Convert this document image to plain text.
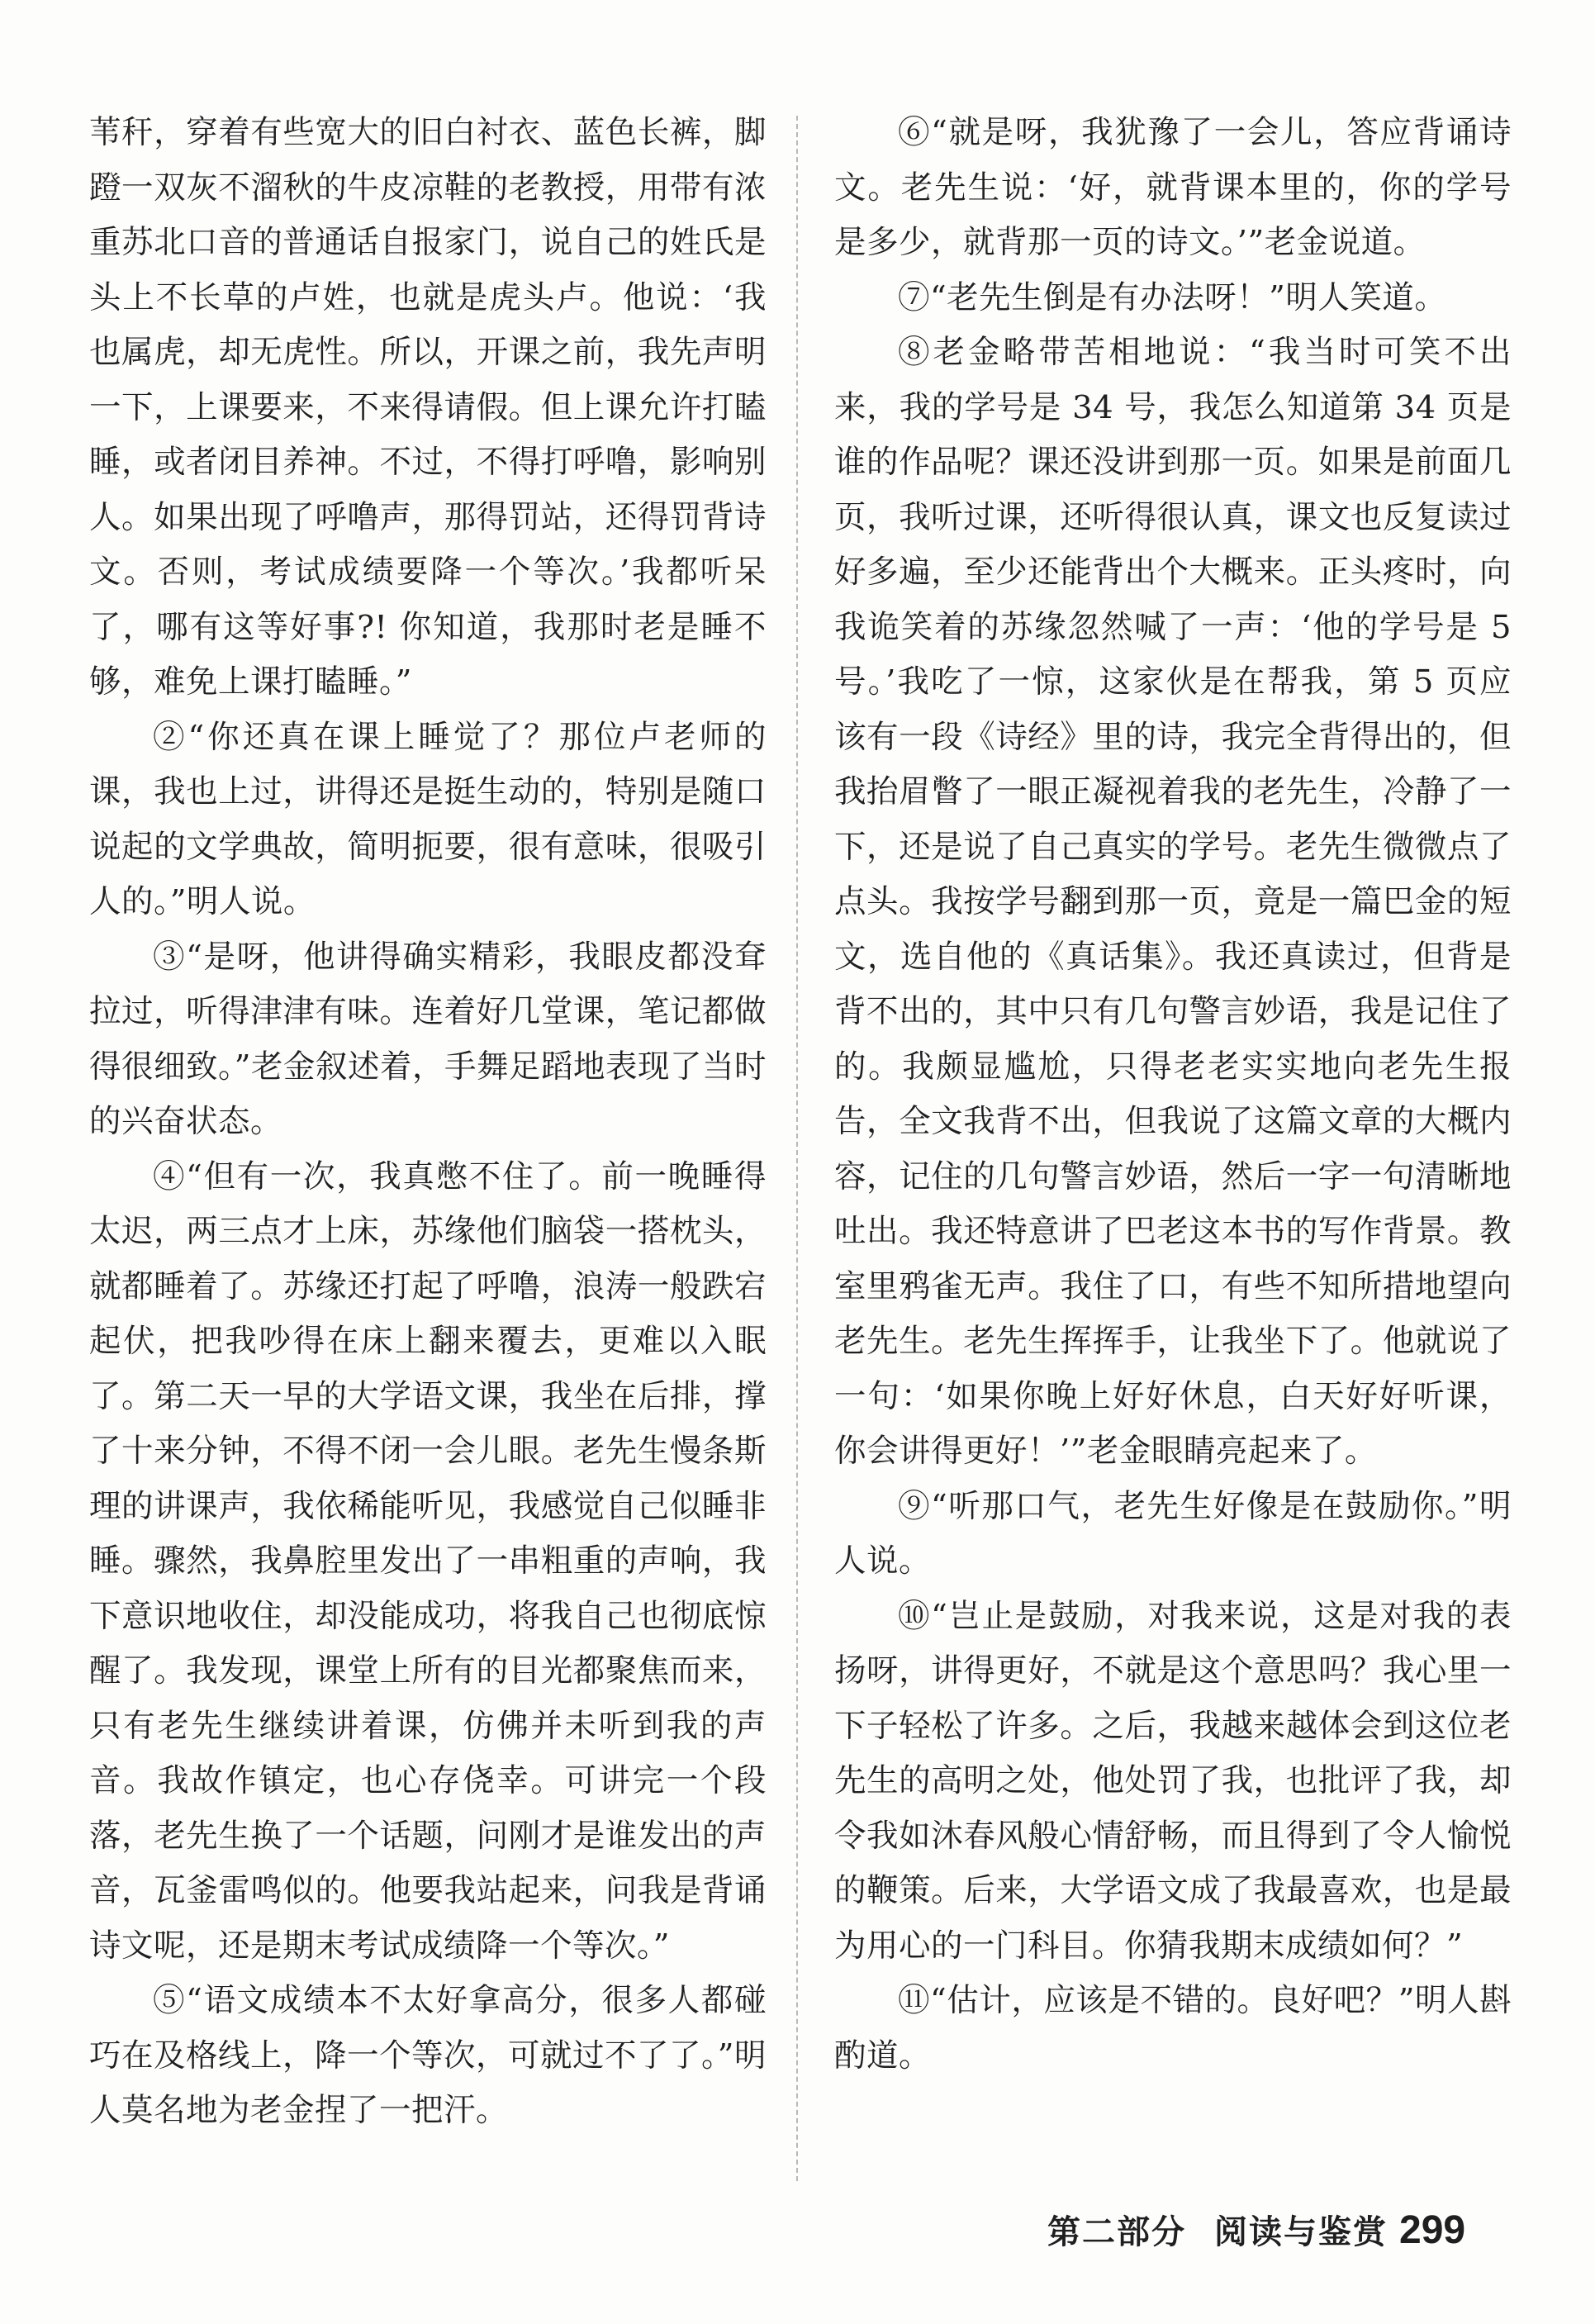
苇秆，穿着有些宽大的旧白衬衣、蓝色长裤，脚蹬一双灰不溜秋的牛皮凉鞋的老教授，用带有浓重苏北口音的普通话自报家门，说自己的姓氏是头上不长草的卢姓，也就是虎头卢。他说：‘我也属虎，却无虎性。所以，开课之前，我先声明一下，上课要来，不来得请假。但上课允许打瞌睡，或者闭目养神。不过，不得打呼噜，影响别人。如果出现了呼噜声，那得罚站，还得罚背诗文。否则，考试成绩要降一个等次。’我都听呆了，哪有这等好事?! 你知道，我那时老是睡不够，难免上课打瞌睡。”

②“你还真在课上睡觉了？那位卢老师的课，我也上过，讲得还是挺生动的，特别是随口说起的文学典故，简明扼要，很有意味，很吸引人的。”明人说。

③“是呀，他讲得确实精彩，我眼皮都没耷拉过，听得津津有味。连着好几堂课，笔记都做得很细致。”老金叙述着，手舞足蹈地表现了当时的兴奋状态。

④“但有一次，我真憋不住了。前一晚睡得太迟，两三点才上床，苏缘他们脑袋一搭枕头，就都睡着了。苏缘还打起了呼噜，浪涛一般跌宕起伏，把我吵得在床上翻来覆去，更难以入眠了。第二天一早的大学语文课，我坐在后排，撑了十来分钟，不得不闭一会儿眼。老先生慢条斯理的讲课声，我依稀能听见，我感觉自己似睡非睡。骤然，我鼻腔里发出了一串粗重的声响，我下意识地收住，却没能成功，将我自己也彻底惊醒了。我发现，课堂上所有的目光都聚焦而来，只有老先生继续讲着课，仿佛并未听到我的声音。我故作镇定，也心存侥幸。可讲完一个段落，老先生换了一个话题，问刚才是谁发出的声音，瓦釜雷鸣似的。他要我站起来，问我是背诵诗文呢，还是期末考试成绩降一个等次。”

⑤“语文成绩本不太好拿高分，很多人都碰巧在及格线上，降一个等次，可就过不了了。”明人莫名地为老金捏了一把汗。

⑥“就是呀，我犹豫了一会儿，答应背诵诗文。老先生说：‘好，就背课本里的，你的学号是多少，就背那一页的诗文。’”老金说道。

⑦“老先生倒是有办法呀！”明人笑道。

⑧老金略带苦相地说：“我当时可笑不出来，我的学号是 34 号，我怎么知道第 34 页是谁的作品呢？课还没讲到那一页。如果是前面几页，我听过课，还听得很认真，课文也反复读过好多遍，至少还能背出个大概来。正头疼时，向我诡笑着的苏缘忽然喊了一声：‘他的学号是 5 号。’我吃了一惊，这家伙是在帮我，第 5 页应该有一段《诗经》里的诗，我完全背得出的，但我抬眉瞥了一眼正凝视着我的老先生，冷静了一下，还是说了自己真实的学号。老先生微微点了点头。我按学号翻到那一页，竟是一篇巴金的短文，选自他的《真话集》。我还真读过，但背是背不出的，其中只有几句警言妙语，我是记住了的。我颇显尴尬，只得老老实实地向老先生报告，全文我背不出，但我说了这篇文章的大概内容，记住的几句警言妙语，然后一字一句清晰地吐出。我还特意讲了巴老这本书的写作背景。教室里鸦雀无声。我住了口，有些不知所措地望向老先生。老先生挥挥手，让我坐下了。他就说了一句：‘如果你晚上好好休息，白天好好听课，你会讲得更好！’”老金眼睛亮起来了。

⑨“听那口气，老先生好像是在鼓励你。”明人说。

⑩“岂止是鼓励，对我来说，这是对我的表扬呀，讲得更好，不就是这个意思吗？我心里一下子轻松了许多。之后，我越来越体会到这位老先生的高明之处，他处罚了我，也批评了我，却令我如沐春风般心情舒畅，而且得到了令人愉悦的鞭策。后来，大学语文成了我最喜欢，也是最为用心的一门科目。你猜我期末成绩如何？”

⑪“估计，应该是不错的。良好吧？”明人斟酌道。

第二部分 阅读与鉴赏 299
